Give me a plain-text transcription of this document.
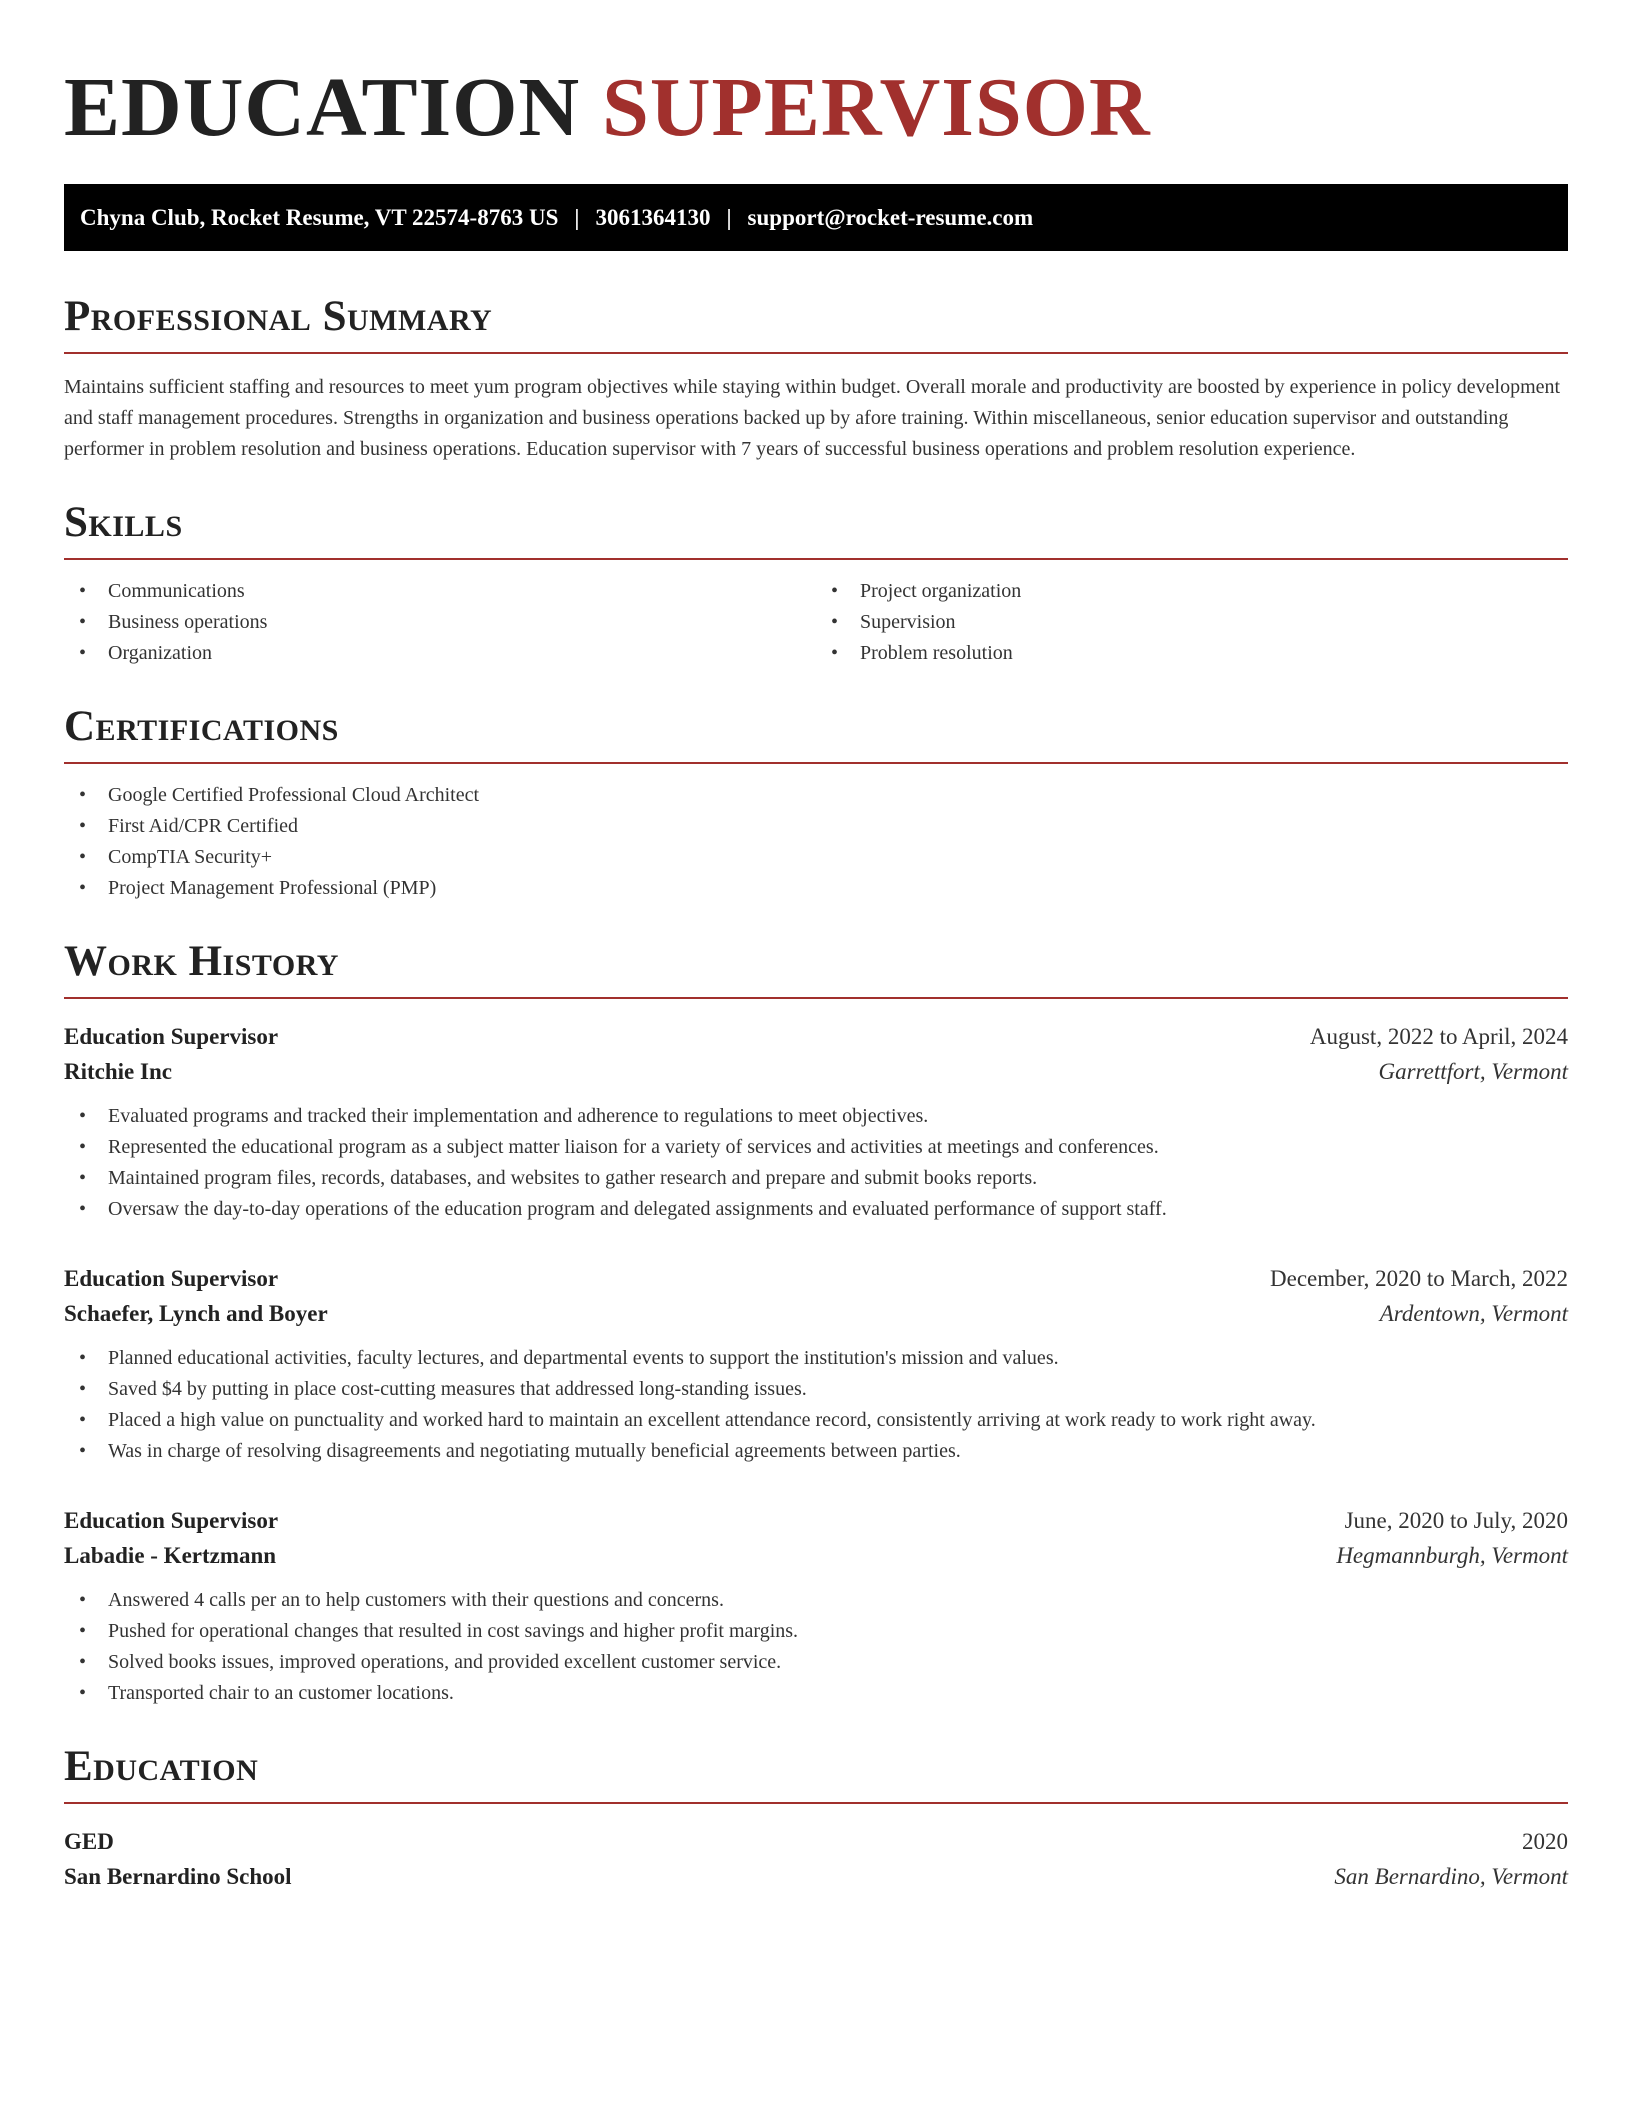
EDUCATION SUPERVISOR
Chyna Club, Rocket Resume, VT 22574-8763 US | 3061364130 | support@rocket-resume.com
Professional Summary

Maintains sufficient staffing and resources to meet yum program objectives while staying within budget. Overall morale and productivity are boosted by experience in policy development and staff management procedures. Strengths in organization and business operations backed up by afore training. Within miscellaneous, senior education supervisor and outstanding performer in problem resolution and business operations. Education supervisor with 7 years of successful business operations and problem resolution experience.

Skills
• Communications
• Business operations
• Organization
• Project organization
• Supervision
• Problem resolution
Certifications
• Google Certified Professional Cloud Architect
• First Aid/CPR Certified
• CompTIA Security+
• Project Management Professional (PMP)
Work History
Education Supervisor	August, 2022 to April, 2024
Ritchie Inc	Garrettfort, Vermont
• Evaluated programs and tracked their implementation and adherence to regulations to meet objectives.
• Represented the educational program as a subject matter liaison for a variety of services and activities at meetings and conferences.
• Maintained program files, records, databases, and websites to gather research and prepare and submit books reports.
• Oversaw the day-to-day operations of the education program and delegated assignments and evaluated performance of support staff.
Education Supervisor	December, 2020 to March, 2022
Schaefer, Lynch and Boyer	Ardentown, Vermont
• Planned educational activities, faculty lectures, and departmental events to support the institution's mission and values.
• Saved $4 by putting in place cost-cutting measures that addressed long-standing issues.
• Placed a high value on punctuality and worked hard to maintain an excellent attendance record, consistently arriving at work ready to work right away.
• Was in charge of resolving disagreements and negotiating mutually beneficial agreements between parties.
Education Supervisor	June, 2020 to July, 2020
Labadie - Kertzmann	Hegmannburgh, Vermont
• Answered 4 calls per an to help customers with their questions and concerns.
• Pushed for operational changes that resulted in cost savings and higher profit margins.
• Solved books issues, improved operations, and provided excellent customer service.
• Transported chair to an customer locations.
Education
GED	2020
San Bernardino School	San Bernardino, Vermont
